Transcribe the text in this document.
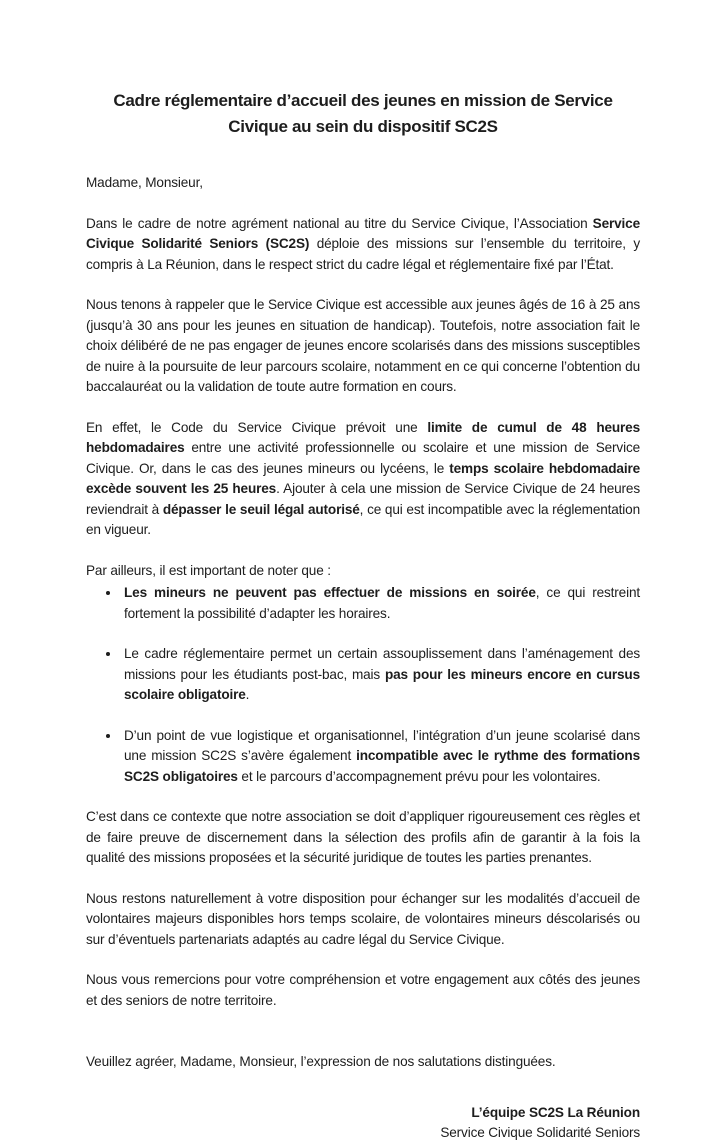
Cadre réglementaire d’accueil des jeunes en mission de Service Civique au sein du dispositif SC2S

Madame, Monsieur,

Dans le cadre de notre agrément national au titre du Service Civique, l’Association Service Civique Solidarité Seniors (SC2S) déploie des missions sur l’ensemble du territoire, y compris à La Réunion, dans le respect strict du cadre légal et réglementaire fixé par l’État.

Nous tenons à rappeler que le Service Civique est accessible aux jeunes âgés de 16 à 25 ans (jusqu’à 30 ans pour les jeunes en situation de handicap). Toutefois, notre association fait le choix délibéré de ne pas engager de jeunes encore scolarisés dans des missions susceptibles de nuire à la poursuite de leur parcours scolaire, notamment en ce qui concerne l’obtention du baccalauréat ou la validation de toute autre formation en cours.

En effet, le Code du Service Civique prévoit une limite de cumul de 48 heures hebdomadaires entre une activité professionnelle ou scolaire et une mission de Service Civique. Or, dans le cas des jeunes mineurs ou lycéens, le temps scolaire hebdomadaire excède souvent les 25 heures. Ajouter à cela une mission de Service Civique de 24 heures reviendrait à dépasser le seuil légal autorisé, ce qui est incompatible avec la réglementation en vigueur.

Par ailleurs, il est important de noter que :

• Les mineurs ne peuvent pas effectuer de missions en soirée, ce qui restreint fortement la possibilité d’adapter les horaires.
• Le cadre réglementaire permet un certain assouplissement dans l’aménagement des missions pour les étudiants post-bac, mais pas pour les mineurs encore en cursus scolaire obligatoire.
• D’un point de vue logistique et organisationnel, l’intégration d’un jeune scolarisé dans une mission SC2S s’avère également incompatible avec le rythme des formations SC2S obligatoires et le parcours d’accompagnement prévu pour les volontaires.

C’est dans ce contexte que notre association se doit d’appliquer rigoureusement ces règles et de faire preuve de discernement dans la sélection des profils afin de garantir à la fois la qualité des missions proposées et la sécurité juridique de toutes les parties prenantes.

Nous restons naturellement à votre disposition pour échanger sur les modalités d’accueil de volontaires majeurs disponibles hors temps scolaire, de volontaires mineurs déscolarisés ou sur d’éventuels partenariats adaptés au cadre légal du Service Civique.

Nous vous remercions pour votre compréhension et votre engagement aux côtés des jeunes et des seniors de notre territoire.

Veuillez agréer, Madame, Monsieur, l’expression de nos salutations distinguées.

L’équipe SC2S La Réunion

Service Civique Solidarité Seniors
